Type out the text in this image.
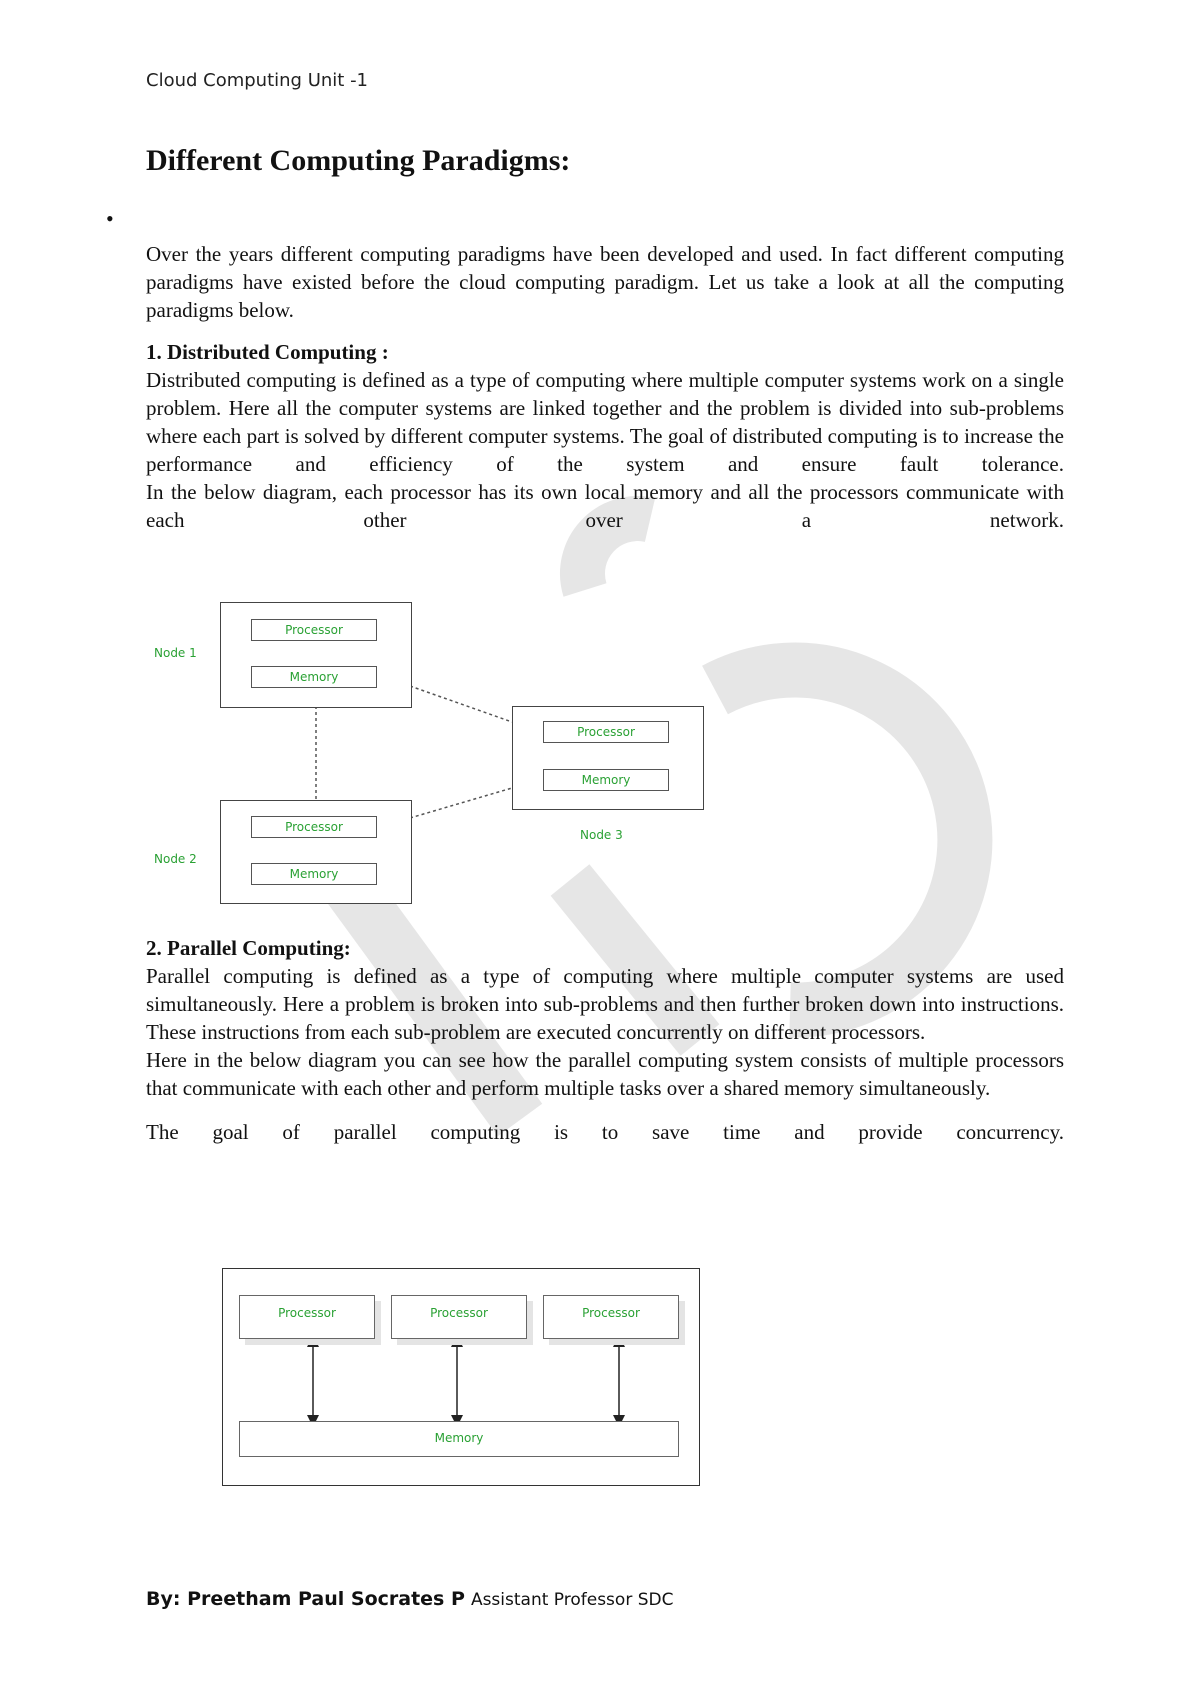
Cloud Computing Unit -1
Different Computing Paradigms:
•

Over the years different computing paradigms have been developed and used. In fact different computing paradigms have existed before the cloud computing paradigm. Let us take a look at all the computing paradigms below.

1. Distributed Computing :

Distributed computing is defined as a type of computing where multiple computer systems work on a single problem. Here all the computer systems are linked together and the problem is divided into sub-problems where each part is solved by different computer systems. The goal of distributed computing is to increase the performance and efficiency of the system and ensure fault tolerance.

In the below diagram, each processor has its own local memory and all the processors communicate with each other over a network.

Node 1
Processor
Memory
Node 2
Processor
Memory
Processor
Memory
Node 3

2. Parallel Computing:

Parallel computing is defined as a type of computing where multiple computer systems are used simultaneously. Here a problem is broken into sub-problems and then further broken down into instructions. These instructions from each sub-problem are executed concurrently on different processors.

Here in the below diagram you can see how the parallel computing system consists of multiple processors that communicate with each other and perform multiple tasks over a shared memory simultaneously.

The goal of parallel computing is to save time and provide concurrency.

Processor	Processor	Processor
Memory
By: Preetham Paul Socrates P Assistant Professor SDC
